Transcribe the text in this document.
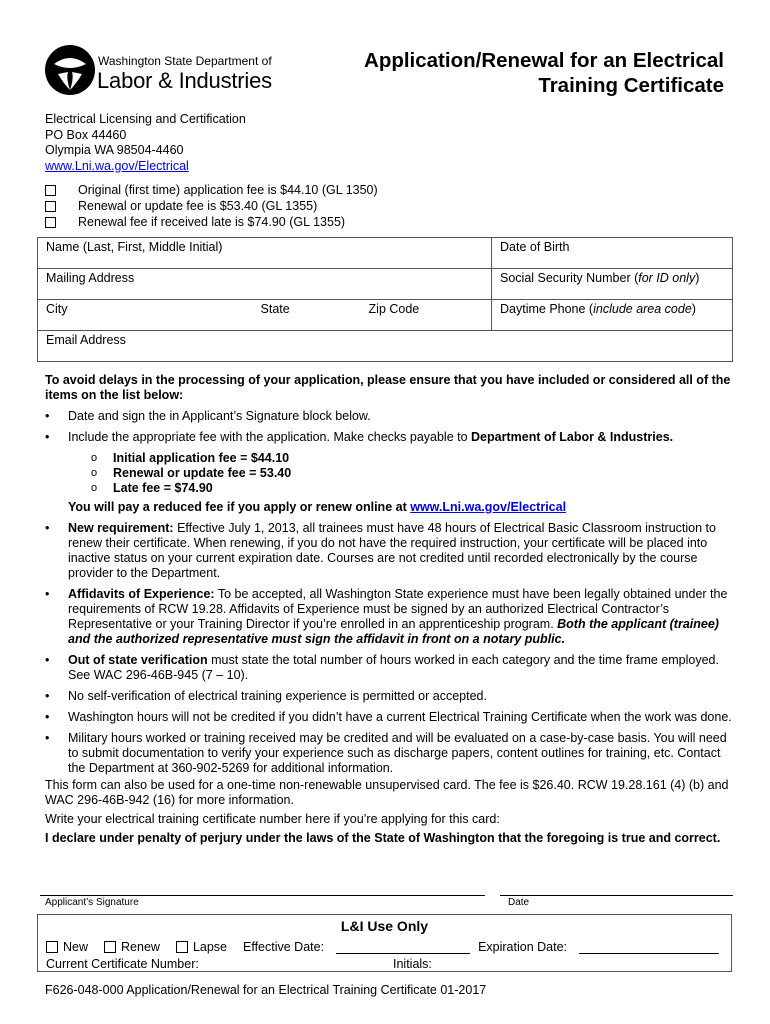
Washington State Department of
Labor & Industries
Application/Renewal for an Electrical
Training Certificate
Electrical Licensing and Certification
PO Box 44460
Olympia WA 98504-4460
www.Lni.wa.gov/Electrical
Original (first time) application fee is $44.10 (GL 1350)
Renewal or update fee is $53.40 (GL 1355)
Renewal fee if received late is $74.90 (GL 1355)
Name (Last, First, Middle Initial)	Date of Birth
Mailing Address	Social Security Number (for ID only)
City State Zip Code	Daytime Phone (include area code)
Email Address	
To avoid delays in the processing of your application, please ensure that you have included or considered all of the items on the list below:
• Date and sign the in Applicant’s Signature block below.
• Include the appropriate fee with the application. Make checks payable to Department of Labor & Industries.
o Initial application fee = $44.10
o Renewal or update fee = 53.40
o Late fee = $74.90
You will pay a reduced fee if you apply or renew online at www.Lni.wa.gov/Electrical
• New requirement: Effective July 1, 2013, all trainees must have 48 hours of Electrical Basic Classroom instruction to renew their certificate. When renewing, if you do not have the required instruction, your certificate will be placed into inactive status on your current expiration date. Courses are not credited until recorded electronically by the course provider to the Department.
• Affidavits of Experience: To be accepted, all Washington State experience must have been legally obtained under the requirements of RCW 19.28. Affidavits of Experience must be signed by an authorized Electrical Contractor’s Representative or your Training Director if you’re enrolled in an apprenticeship program. Both the applicant (trainee) and the authorized representative must sign the affidavit in front on a notary public.
• Out of state verification must state the total number of hours worked in each category and the time frame employed. See WAC 296-46B-945 (7 – 10).
• No self-verification of electrical training experience is permitted or accepted.
• Washington hours will not be credited if you didn’t have a current Electrical Training Certificate when the work was done.
• Military hours worked or training received may be credited and will be evaluated on a case-by-case basis. You will need to submit documentation to verify your experience such as discharge papers, content outlines for training, etc. Contact the Department at 360-902-5269 for additional information.
This form can also be used for a one-time non-renewable unsupervised card. The fee is $26.40. RCW 19.28.161 (4) (b) and WAC 296-46B-942 (16) for more information.
Write your electrical training certificate number here if you’re applying for this card:
I declare under penalty of perjury under the laws of the State of Washington that the foregoing is true and correct.
Applicant’s Signature	Date
L&I Use Only
New	Renew	Lapse Effective Date:	Expiration Date:
Current Certificate Number:	Initials:
F626-048-000 Application/Renewal for an Electrical Training Certificate 01-2017
